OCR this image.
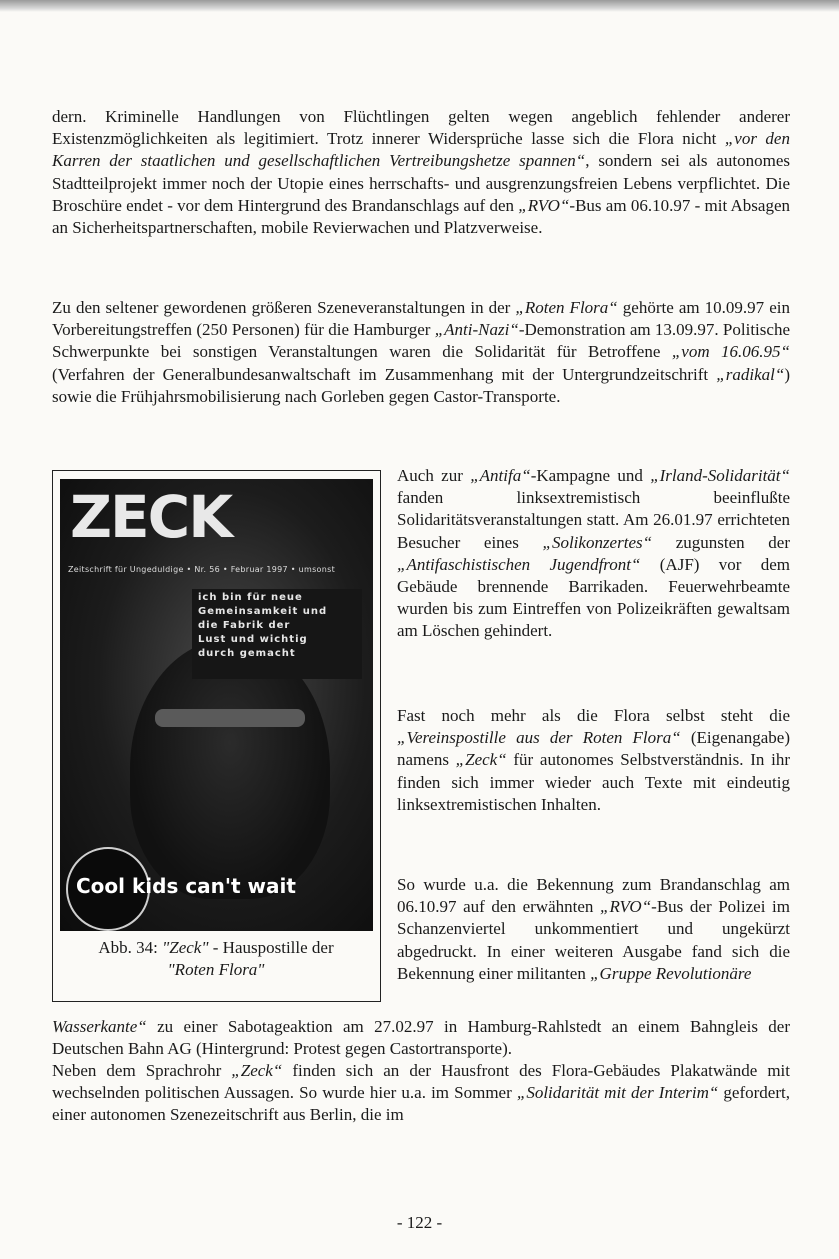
dern. Kriminelle Handlungen von Flüchtlingen gelten wegen angeblich fehlender anderer Existenzmöglichkeiten als legitimiert. Trotz innerer Widersprüche lasse sich die Flora nicht „vor den Karren der staatlichen und gesellschaftlichen Vertreibungshetze spannen“, sondern sei als autonomes Stadtteilprojekt immer noch der Utopie eines herrschafts- und ausgrenzungsfreien Lebens verpflichtet. Die Broschüre endet - vor dem Hintergrund des Brandanschlags auf den „RVO“-Bus am 06.10.97 - mit Absagen an Sicherheitspartnerschaften, mobile Revierwachen und Platzverweise.

Zu den seltener gewordenen größeren Szeneveranstaltungen in der „Roten Flora“ gehörte am 10.09.97 ein Vorbereitungstreffen (250 Personen) für die Hamburger „Anti-Nazi“-Demonstration am 13.09.97. Politische Schwerpunkte bei sonstigen Veranstaltungen waren die Solidarität für Betroffene „vom 16.06.95“ (Verfahren der Generalbundesanwaltschaft im Zusammenhang mit der Untergrundzeitschrift „radikal“) sowie die Frühjahrsmobilisierung nach Gorleben gegen Castor-Transporte.

ZECK
Zeitschrift für Ungeduldige • Nr. 56 • Februar 1997 • umsonst
ich bin für neue
Gemeinsamkeit und
die Fabrik der
Lust und wichtig
durch gemacht
Cool kids can't wait
Abb. 34: "Zeck" - Hauspostille der
"Roten Flora"

Auch zur „Antifa“-Kampagne und „Irland-Solidarität“ fanden linksextremistisch beeinflußte Solidaritätsveranstaltungen statt. Am 26.01.97 errichteten Besucher eines „Solikonzertes“ zugunsten der „Antifaschistischen Jugendfront“ (AJF) vor dem Gebäude brennende Barrikaden. Feuerwehrbeamte wurden bis zum Eintreffen von Polizeikräften gewaltsam am Löschen gehindert.

Fast noch mehr als die Flora selbst steht die „Vereinspostille aus der Roten Flora“ (Eigenangabe) namens „Zeck“ für autonomes Selbstverständnis. In ihr finden sich immer wieder auch Texte mit eindeutig linksextremistischen Inhalten.

So wurde u.a. die Bekennung zum Brandanschlag am 06.10.97 auf den erwähnten „RVO“-Bus der Polizei im Schanzenviertel unkommentiert und ungekürzt abgedruckt. In einer weiteren Ausgabe fand sich die Bekennung einer militanten „Gruppe Revolutionäre

Wasserkante“ zu einer Sabotageaktion am 27.02.97 in Hamburg-Rahlstedt an einem Bahngleis der Deutschen Bahn AG (Hintergrund: Protest gegen Castortransporte).

Neben dem Sprachrohr „Zeck“ finden sich an der Hausfront des Flora-Gebäudes Plakatwände mit wechselnden politischen Aussagen. So wurde hier u.a. im Sommer „Solidarität mit der Interim“ gefordert, einer autonomen Szenezeitschrift aus Berlin, die im

- 122 -
